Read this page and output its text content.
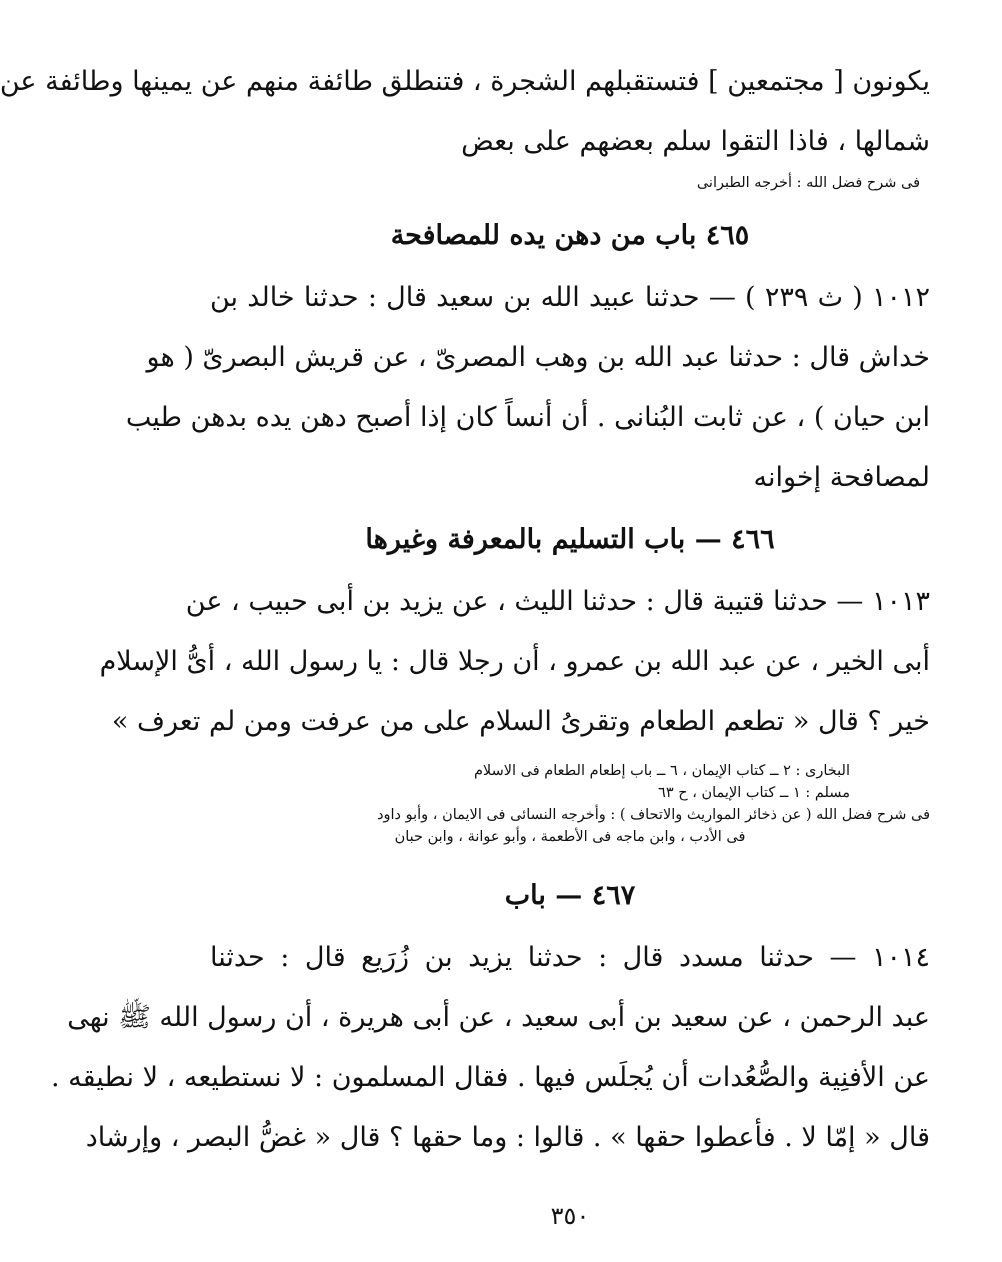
يكونون [ مجتمعين ] فتستقبلهم الشجرة ، فتنطلق طائفة منهم عن يمينها وطائفة عن
شمالها ، فاذا التقوا سلم بعضهم على بعض
فى شرح فضل الله : أخرجه الطبرانى
٤٦٥ باب من دهن يده للمصافحة
١٠١٢ ( ث ٢٣٩ ) — حدثنا عبيد الله بن سعيد قال : حدثنا خالد بن
خداش قال : حدثنا عبد الله بن وهب المصرىّ ، عن قريش البصرىّ ( هو
ابن حيان ) ، عن ثابت البُنانى . أن أنساً كان إذا أصبح دهن يده بدهن طيب
لمصافحة إخوانه
٤٦٦ — باب التسليم بالمعرفة وغيرها
١٠١٣ — حدثنا قتيبة قال : حدثنا الليث ، عن يزيد بن أبى حبيب ، عن
أبى الخير ، عن عبد الله بن عمرو ، أن رجلا قال : يا رسول الله ، أىُّ الإسلام
خير ؟ قال « تطعم الطعام وتقرىُ السلام على من عرفت ومن لم تعرف »
البخارى : ٢ ــ كتاب الإيمان ، ٦ ــ باب إطعام الطعام فى الاسلام
مسلم : ١ ــ كتاب الإيمان ، ح ٦٣
فى شرح فضل الله ( عن ذخائر المواريث والاتحاف ) : وأخرجه النسائى فى الايمان ، وأبو داود
فى الأدب ، وابن ماجه فى الأطعمة ، وأبو عوانة ، وابن حبان
٤٦٧ — باب
١٠١٤ — حدثنا مسدد قال : حدثنا يزيد بن زُرَيع قال : حدثنا
عبد الرحمن ، عن سعيد بن أبى سعيد ، عن أبى هريرة ، أن رسول الله ﷺ نهى
عن الأفنِية والصُّعُدات أن يُجلَس فيها . فقال المسلمون : لا نستطيعه ، لا نطيقه .
قال « إمّا لا . فأعطوا حقها » . قالوا : وما حقها ؟ قال « غضُّ البصر ، وإرشاد
٣٥٠
